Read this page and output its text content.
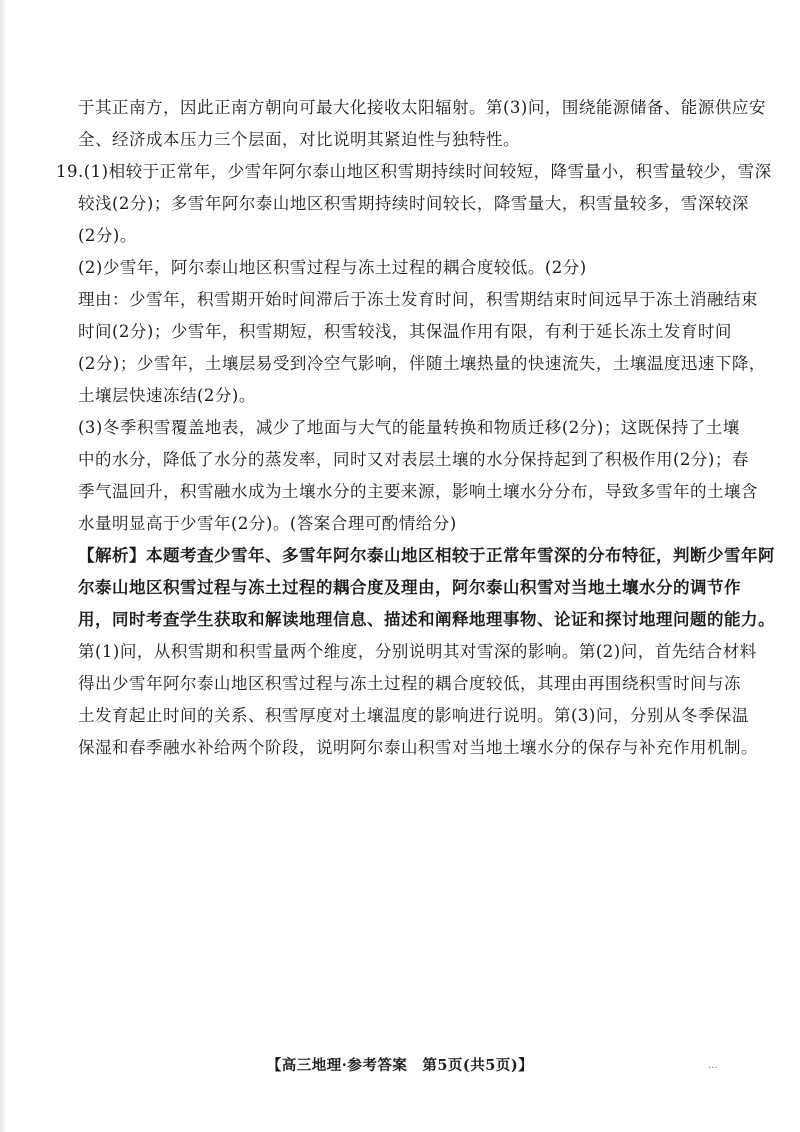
于其正南方，因此正南方朝向可最大化接收太阳辐射。第(3)问，围绕能源储备、能源供应安
全、经济成本压力三个层面，对比说明其紧迫性与独特性。
19.(1)相较于正常年，少雪年阿尔泰山地区积雪期持续时间较短，降雪量小，积雪量较少，雪深
较浅(2分)；多雪年阿尔泰山地区积雪期持续时间较长，降雪量大，积雪量较多，雪深较深
(2分)。
(2)少雪年，阿尔泰山地区积雪过程与冻土过程的耦合度较低。(2分)
理由：少雪年，积雪期开始时间滞后于冻土发育时间，积雪期结束时间远早于冻土消融结束
时间(2分)；少雪年，积雪期短，积雪较浅，其保温作用有限，有利于延长冻土发育时间
(2分)；少雪年，土壤层易受到冷空气影响，伴随土壤热量的快速流失，土壤温度迅速下降，
土壤层快速冻结(2分)。
(3)冬季积雪覆盖地表，减少了地面与大气的能量转换和物质迁移(2分)；这既保持了土壤
中的水分，降低了水分的蒸发率，同时又对表层土壤的水分保持起到了积极作用(2分)；春
季气温回升，积雪融水成为土壤水分的主要来源，影响土壤水分分布，导致多雪年的土壤含
水量明显高于少雪年(2分)。(答案合理可酌情给分)
【解析】本题考查少雪年、多雪年阿尔泰山地区相较于正常年雪深的分布特征，判断少雪年阿
尔泰山地区积雪过程与冻土过程的耦合度及理由，阿尔泰山积雪对当地土壤水分的调节作
用，同时考查学生获取和解读地理信息、描述和阐释地理事物、论证和探讨地理问题的能力。
第(1)问，从积雪期和积雪量两个维度，分别说明其对雪深的影响。第(2)问，首先结合材料
得出少雪年阿尔泰山地区积雪过程与冻土过程的耦合度较低，其理由再围绕积雪时间与冻
土发育起止时间的关系、积雪厚度对土壤温度的影响进行说明。第(3)问，分别从冬季保温
保湿和春季融水补给两个阶段，说明阿尔泰山积雪对当地土壤水分的保存与补充作用机制。
【高三地理·参考答案　第5页(共5页)】	...
